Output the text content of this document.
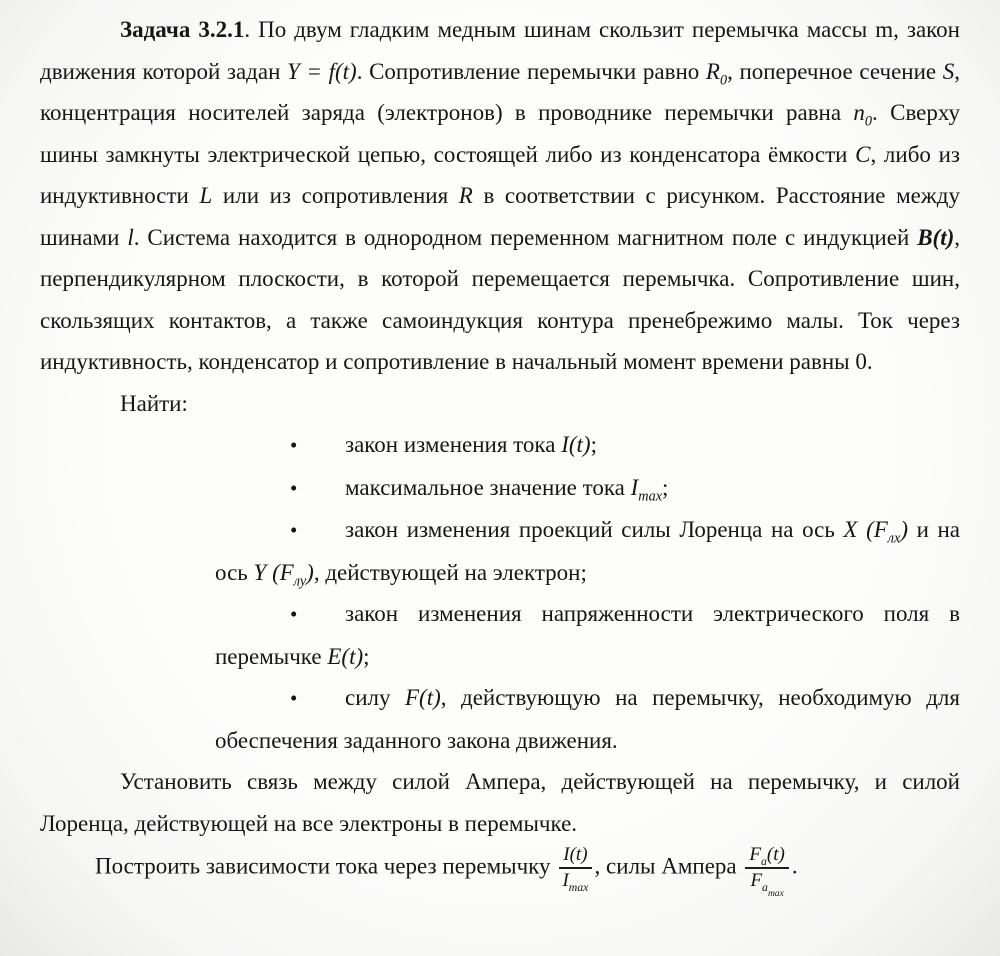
Задача 3.2.1. По двум гладким медным шинам скользит перемычка массы m, закон движения которой задан Y = f(t). Сопротивление перемычки равно $R_0$, поперечное сечение S, концентрация носителей заряда (электронов) в проводнике перемычки равна $n_0$. Сверху шины замкнуты электрической цепью, состоящей либо из конденсатора ёмкости C, либо из индуктивности L или из сопротивления R в соответствии с рисунком. Расстояние между шинами l. Система находится в однородном переменном магнитном поле с индукцией B(t), перпендикулярном плоскости, в которой перемещается перемычка. Сопротивление шин, скользящих контактов, а также самоиндукция контура пренебрежимо малы. Ток через индуктивность, конденсатор и сопротивление в начальный момент времени равны 0.

Найти:

• закон изменения тока I(t);
• максимальное значение тока $I_{max}$;
• закон изменения проекций силы Лоренца на ось X $(F_{лх})$ и на ось Y $(F_{лу})$, действующей на электрон;
• закон изменения напряженности электрического поля в перемычке E(t);
• силу F(t), действующую на перемычку, необходимую для обеспечения заданного закона движения.

Установить связь между силой Ампера, действующей на перемычку, и силой Лоренца, действующей на все электроны в перемычке.

Построить зависимости тока через перемычку $\frac{I(t)}{I_{max}}$ , силы Ампера $\frac{F_a(t)}{F_{amax}}$ .
